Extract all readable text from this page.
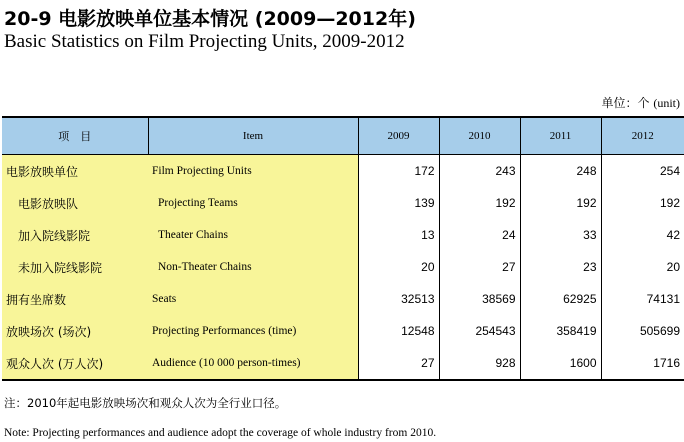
20-9 电影放映单位基本情况 (2009—2012年)
Basic Statistics on Film Projecting Units, 2009-2012
单位：个 (unit)
项　目	Item	2009	2010	2011	2012
电影放映单位	Film Projecting Units	172	243	248	254
电影放映队	Projecting Teams	139	192	192	192
加入院线影院	Theater Chains	13	24	33	42
未加入院线影院	Non-Theater Chains	20	27	23	20
拥有坐席数	Seats	32513	38569	62925	74131
放映场次 (场次)	Projecting Performances (time)	12548	254543	358419	505699
观众人次 (万人次)	Audience (10 000 person-times)	27	928	1600	1716
注：2010年起电影放映场次和观众人次为全行业口径。
Note: Projecting performances and audience adopt the coverage of whole industry from 2010.
